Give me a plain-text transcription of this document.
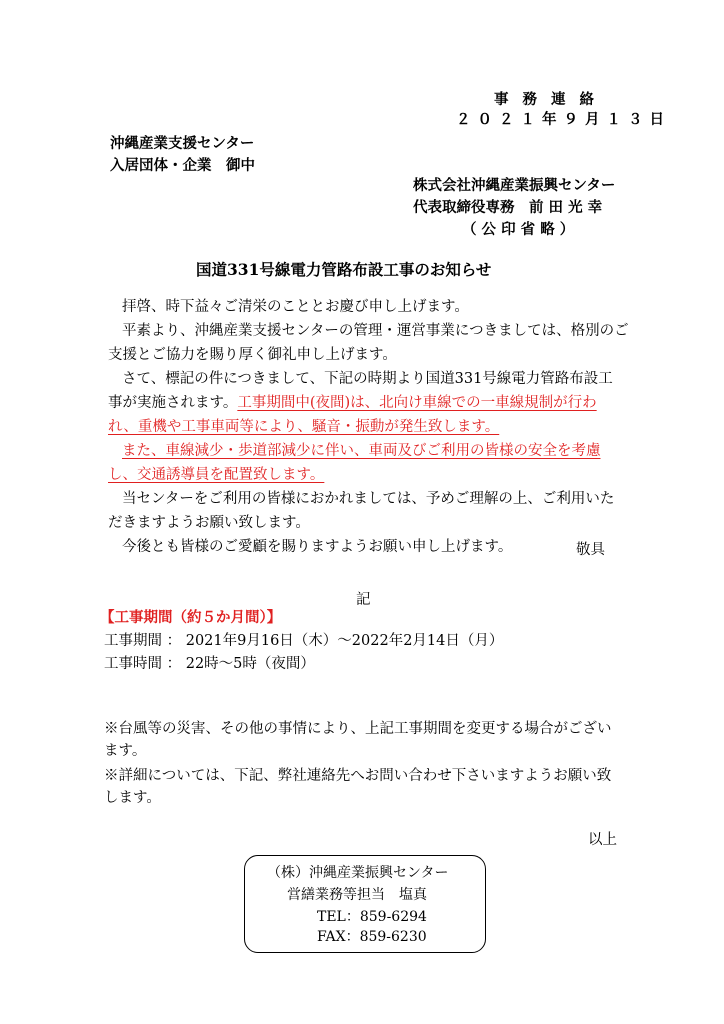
事務連絡
２０２１年９月１３日
沖縄産業支援センター
入居団体・企業　御中
株式会社沖縄産業振興センター
代表取締役専務　前 田 光 幸
（ 公 印 省 略 ）
国道331号線電力管路布設工事のお知らせ
拝啓、時下益々ご清栄のこととお慶び申し上げます。
平素より、沖縄産業支援センターの管理・運営事業につきましては、格別のご
支援とご協力を賜り厚く御礼申し上げます。
さて、標記の件につきまして、下記の時期より国道331号線電力管路布設工
事が実施されます。工事期間中(夜間)は、北向け車線での一車線規制が行わ
れ、重機や工事車両等により、騒音・振動が発生致します。
また、車線減少・歩道部減少に伴い、車両及びご利用の皆様の安全を考慮
し、交通誘導員を配置致します。
当センターをご利用の皆様におかれましては、予めご理解の上、ご利用いた
だきますようお願い致します。
今後とも皆様のご愛顧を賜りますようお願い申し上げます。	敬具
記
【工事期間（約５か月間）】
工事期間 ： 2021年9月16日（木）～2022年2月14日（月）
工事時間 ： 22時～5時（夜間）
※台風等の災害、その他の事情により、上記工事期間を変更する場合がござい
ます。
※詳細については、下記、弊社連絡先へお問い合わせ下さいますようお願い致
します。
以上
（株）沖縄産業振興センター
営繕業務等担当　塩真
TEL：859-6294
FAX：859-6230
